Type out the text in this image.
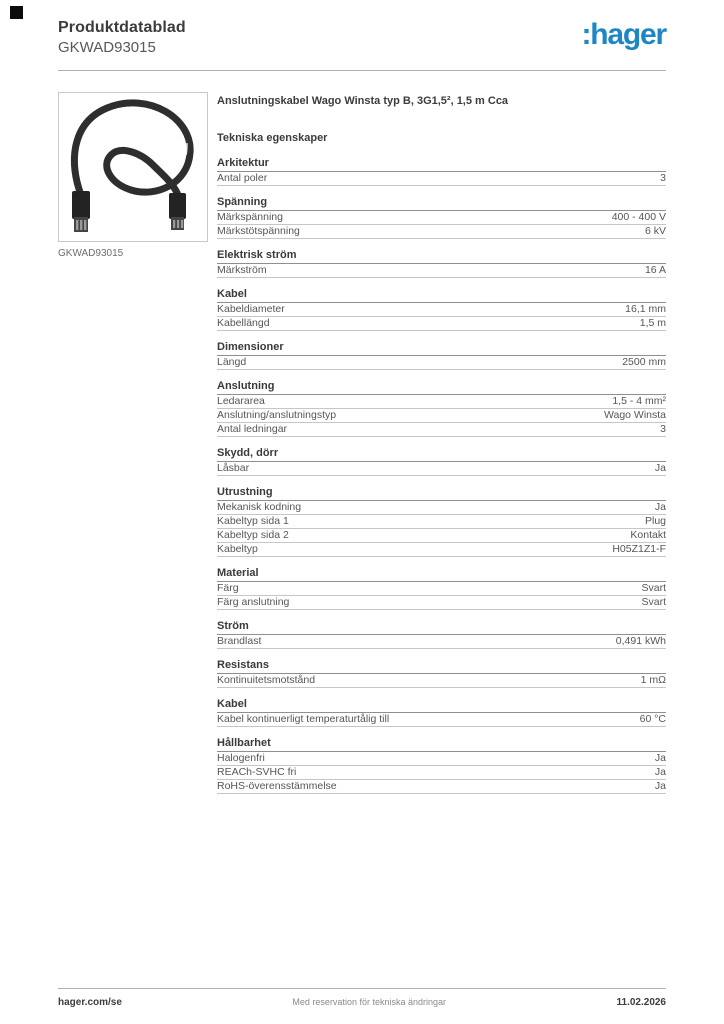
Produktdatablad
GKWAD93015	:hager
GKWAD93015
Anslutningskabel Wago Winsta typ B, 3G1,5², 1,5 m Cca
Tekniska egenskaper
Arkitektur
Antal poler	3
Spänning
Märkspänning	400 - 400 V
Märkstötspänning	6 kV
Elektrisk ström
Märkström	16 A
Kabel
Kabeldiameter	16,1 mm
Kabellängd	1,5 m
Dimensioner
Längd	2500 mm
Anslutning
Ledararea	1,5 - 4 mm²
Anslutning/anslutningstyp	Wago Winsta
Antal ledningar	3
Skydd, dörr
Låsbar	Ja
Utrustning
Mekanisk kodning	Ja
Kabeltyp sida 1	Plug
Kabeltyp sida 2	Kontakt
Kabeltyp	H05Z1Z1-F
Material
Färg	Svart
Färg anslutning	Svart
Ström
Brandlast	0,491 kWh
Resistans
Kontinuitetsmotstånd	1 mΩ
Kabel
Kabel kontinuerligt temperaturtålig till	60 °C
Hållbarhet
Halogenfri	Ja
REACh-SVHC fri	Ja
RoHS-överensstämmelse	Ja
hager.com/se	Med reservation för tekniska ändringar	11.02.2026
